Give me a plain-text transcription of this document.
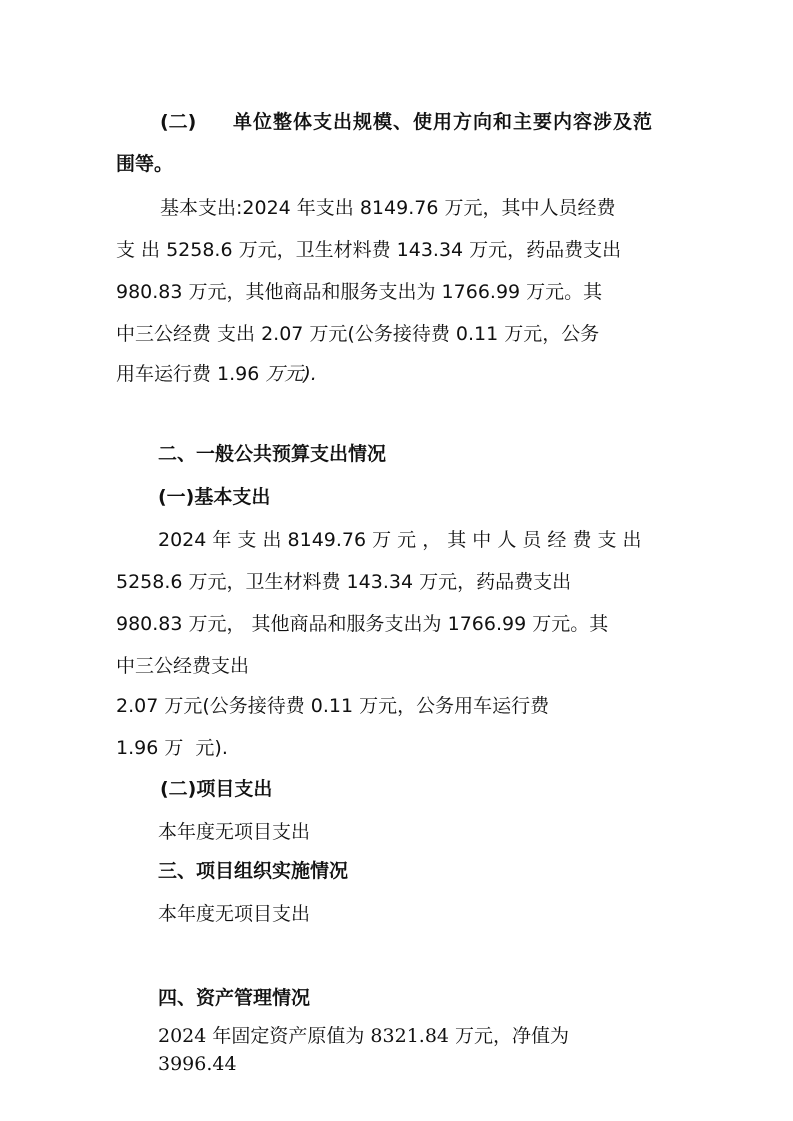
(二) 单位整体支出规模、使用方向和主要内容涉及范
围等。
基本支出:2024 年支出 8149.76 万元，其中人员经费
支 出 5258.6 万元，卫生材料费 143.34 万元，药品费支出
980.83 万元，其他商品和服务支出为 1766.99 万元。其
中三公经费 支出 2.07 万元(公务接待费 0.11 万元，公务
用车运行费 1.96 万元).
二、一般公共预算支出情况
(一)基本支出
2024 年 支 出 8149.76 万 元 ， 其 中 人 员 经 费 支 出
5258.6 万元，卫生材料费 143.34 万元，药品费支出
980.83 万元， 其他商品和服务支出为 1766.99 万元。其
中三公经费支出
2.07 万元(公务接待费 0.11 万元，公务用车运行费
1.96 万  元).
(二)项目支出
本年度无项目支出
三、项目组织实施情况
本年度无项目支出
四、资产管理情况
2024 年固定资产原值为 8321.84 万元，净值为
3996.44
